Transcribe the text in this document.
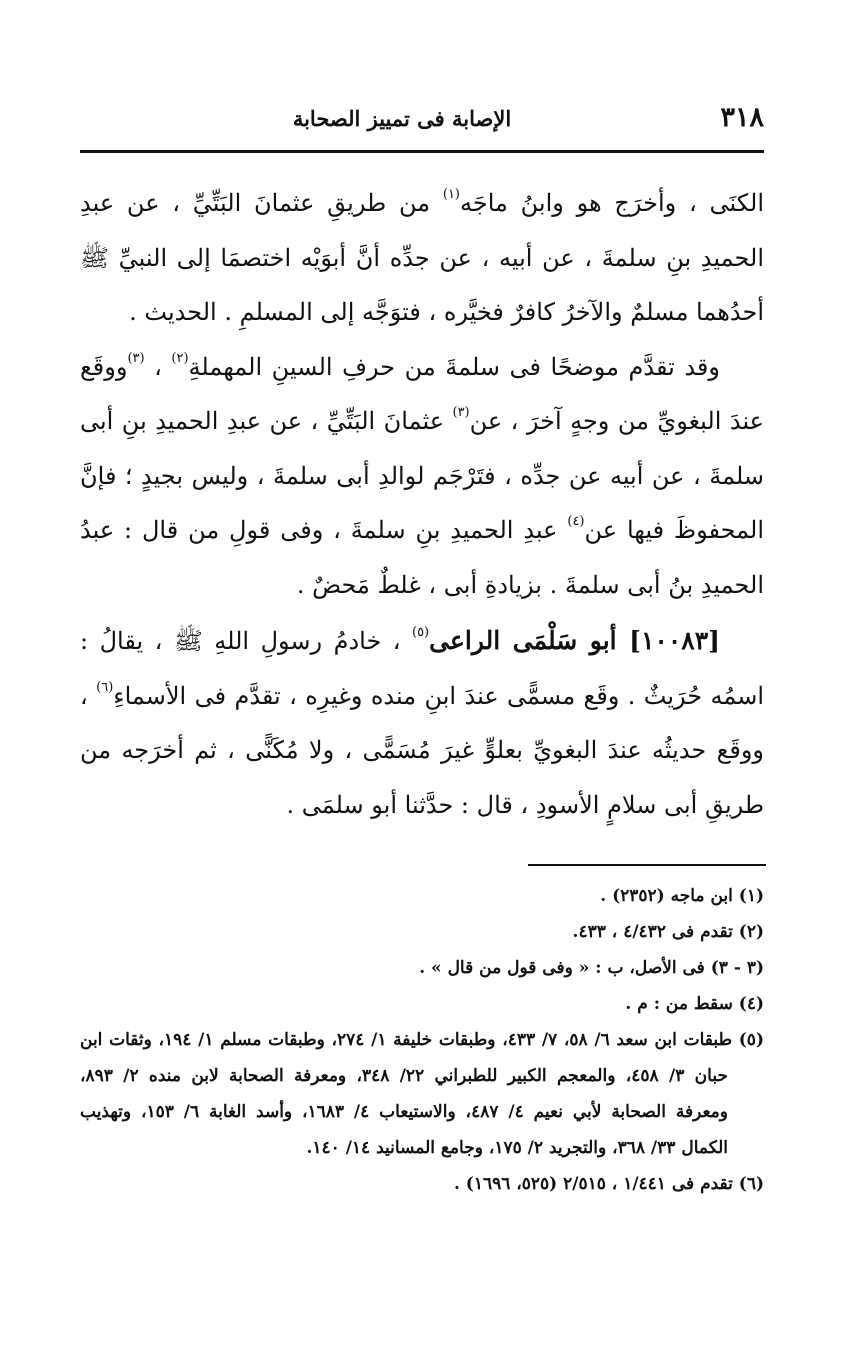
٣١٨
الإصابة فى تمييز الصحابة

الكنَى ، وأخرَج هو وابنُ ماجَه$^{(١)}$ من طريقِ عثمانَ البَتِّيِّ ، عن عبدِ الحميدِ بنِ سلمةَ ، عن أبيه ، عن جدِّه أنَّ أبوَيْه اختصمَا إلى النبيِّ ﷺ أحدُهما مسلمٌ والآخرُ كافرٌ فخيَّره ، فتوَجَّه إلى المسلمِ . الحديث .

وقد تقدَّم موضحًا فى سلمةَ من حرفِ السينِ المهملةِ$^{(٢)}$ ، $^{(٣)}$ووقَع عندَ البغويِّ من وجهٍ آخرَ ، عن$^{(٣)}$ عثمانَ البَتِّيِّ ، عن عبدِ الحميدِ بنِ أبى سلمةَ ، عن أبيه عن جدِّه ، فتَرْجَم لوالدِ أبى سلمةَ ، وليس بجيدٍ ؛ فإنَّ المحفوظَ فيها عن$^{(٤)}$ عبدِ الحميدِ بنِ سلمةَ ، وفى قولِ من قال : عبدُ الحميدِ بنُ أبى سلمةَ . بزيادةِ أبى ، غلطٌ مَحضٌ .

[١٠٠٨٣] أبو سَلْمَى الراعى$^{(٥)}$ ، خادمُ رسولِ اللهِ ﷺ ، يقالُ : اسمُه حُرَيثٌ . وقَع مسمًّى عندَ ابنِ منده وغيرِه ، تقدَّم فى الأسماءِ$^{(٦)}$ ، ووقَع حديثُه عندَ البغويِّ بعلوٍّ غيرَ مُسَمًّى ، ولا مُكَنًّى ، ثم أخرَجه من طريقِ أبى سلامٍ الأسودِ ، قال : حدَّثنا أبو سلمَى .

(١) ابن ماجه (٢٣٥٢) .

(٢) تقدم فى ٤/٤٣٢ ، ٤٣٣.

(٣ - ٣) فى الأصل، ب : « وفى قول من قال » .

(٤) سقط من : م .

(٥) طبقات ابن سعد ٦/ ٥٨، ٧/ ٤٣٣، وطبقات خليفة ١/ ٢٧٤، وطبقات مسلم ١/ ١٩٤، وثقات ابن حبان ٣/ ٤٥٨، والمعجم الكبير للطبراني ٢٢/ ٣٤٨، ومعرفة الصحابة لابن منده ٢/ ٨٩٣، ومعرفة الصحابة لأبي نعيم ٤/ ٤٨٧، والاستيعاب ٤/ ١٦٨٣، وأسد الغابة ٦/ ١٥٣، وتهذيب الكمال ٣٣/ ٣٦٨، والتجريد ٢/ ١٧٥، وجامع المسانيد ١٤/ ١٤٠.

(٦) تقدم فى ١/٤٤١ ، ٢/٥١٥ (٥٢٥، ١٦٩٦) .
